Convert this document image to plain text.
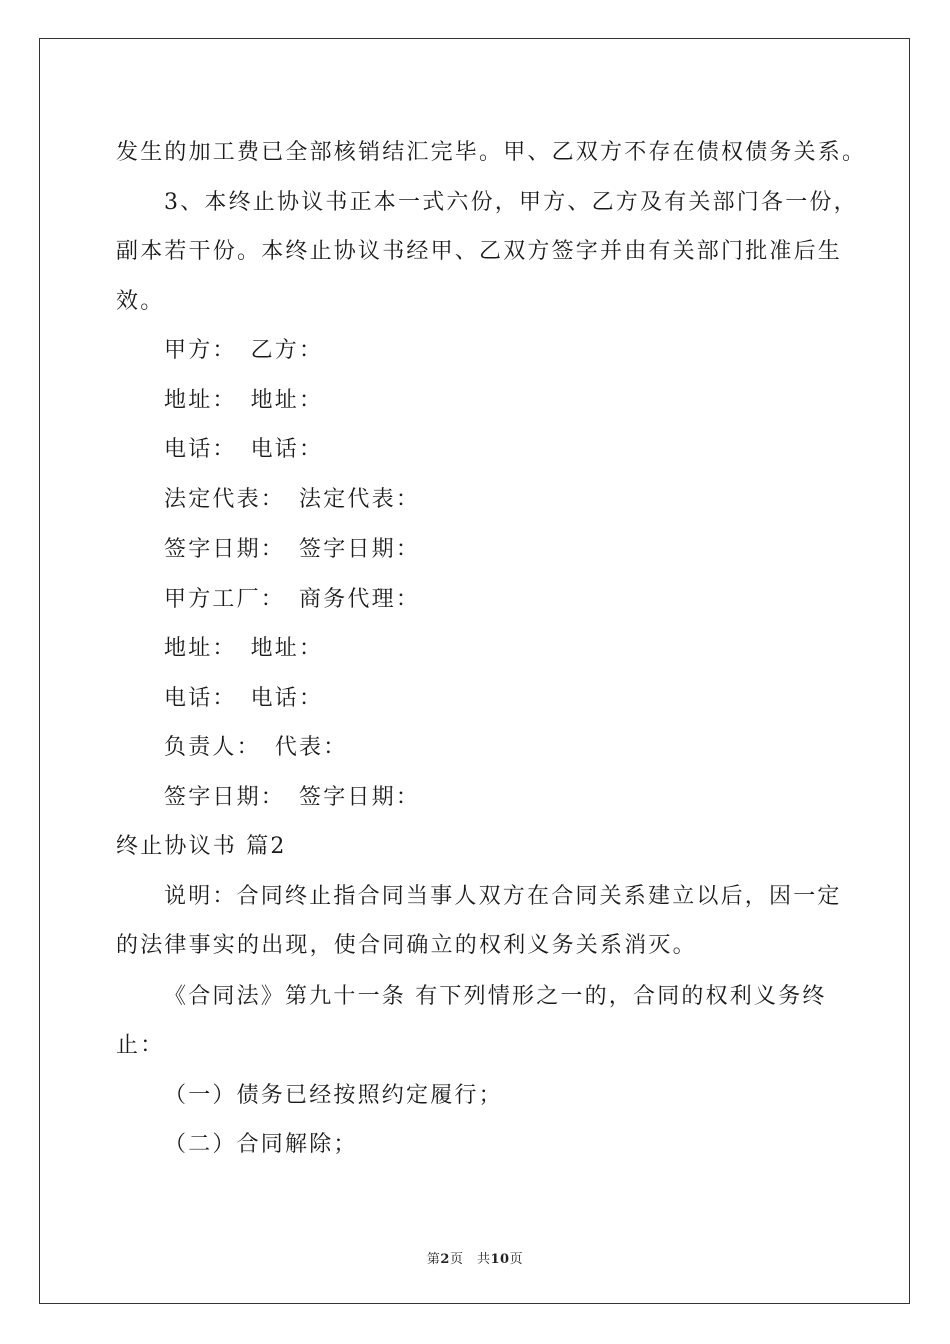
发生的加工费已全部核销结汇完毕。甲、乙双方不存在债权债务关系。
3、本终止协议书正本一式六份，甲方、乙方及有关部门各一份，
副本若干份。本终止协议书经甲、乙双方签字并由有关部门批准后生
效。
甲方： 乙方：
地址： 地址：
电话： 电话：
法定代表： 法定代表：
签字日期： 签字日期：
甲方工厂： 商务代理：
地址： 地址：
电话： 电话：
负责人： 代表：
签字日期： 签字日期：
终止协议书 篇2
说明：合同终止指合同当事人双方在合同关系建立以后，因一定
的法律事实的出现，使合同确立的权利义务关系消灭。
《合同法》第九十一条 有下列情形之一的，合同的权利义务终
止：
（一）债务已经按照约定履行；
（二）合同解除；
第2页　共10页
